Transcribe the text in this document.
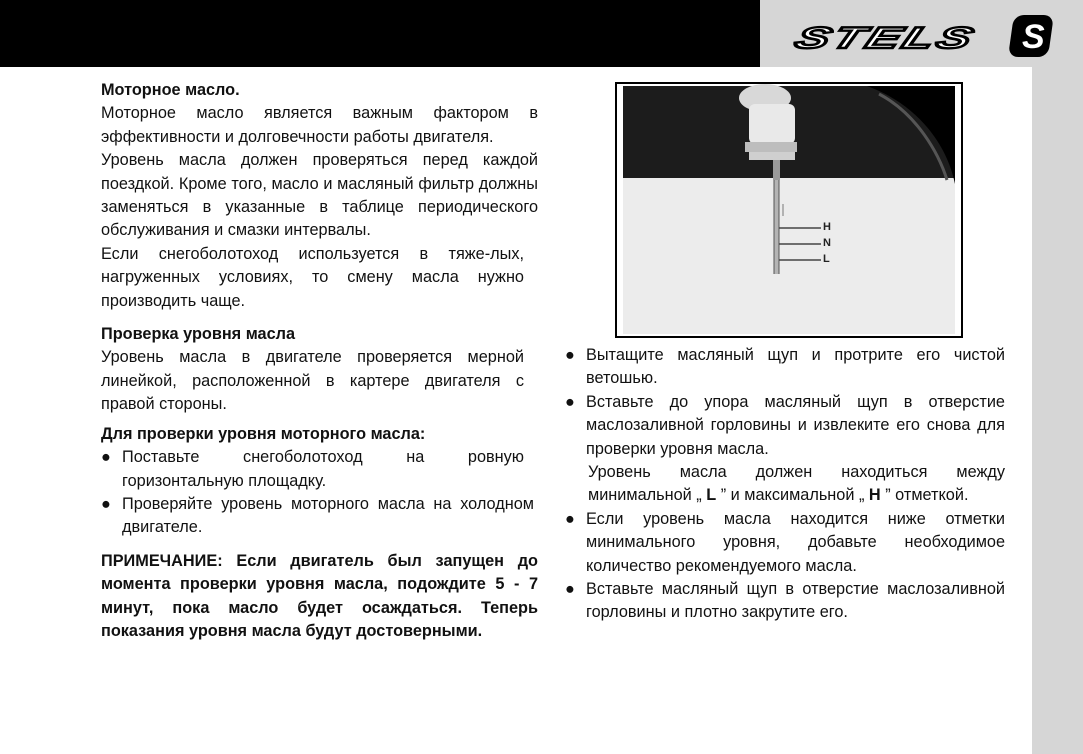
STELS	S
Моторное масло.
Моторное масло является важным фактором в эффективности и долговечности работы двигателя.
Уровень масла должен проверяться перед каждой поездкой. Кроме того, масло и масляный фильтр должны заменяться в указанные в таблице периодического обслуживания и смазки интервалы.
Если снегоболотоход используется в тяже-лых, нагруженных условиях, то смену масла нужно производить чаще.
Проверка уровня масла
Уровень масла в двигателе проверяется мерной линейкой, расположенной в картере двигателя с правой стороны.
Для проверки уровня моторного масла:
● Поставьте снегоболотоход на ровную горизонтальную площадку.
● Проверяйте уровень моторного масла на холодном двигателе.
ПРИМЕЧАНИЕ: Если двигатель был запущен до момента проверки уровня масла, подождите 5 - 7 минут, пока масло будет осаждаться. Теперь показания уровня масла будут достоверными.
H
N
L
● Вытащите масляный щуп и протрите его чистой ветошью.
● Вставьте до упора масляный щуп в отверстие маслозаливной горловины и извлеките его снова для проверки уровня масла.
Уровень масла должен находиться между минимальной „ L ” и максимальной „ H ” отметкой.
● Если уровень масла находится ниже отметки минимального уровня, добавьте необходимое количество рекомендуемого масла.
● Вставьте масляный щуп в отверстие маслозаливной горловины и плотно закрутите его.
